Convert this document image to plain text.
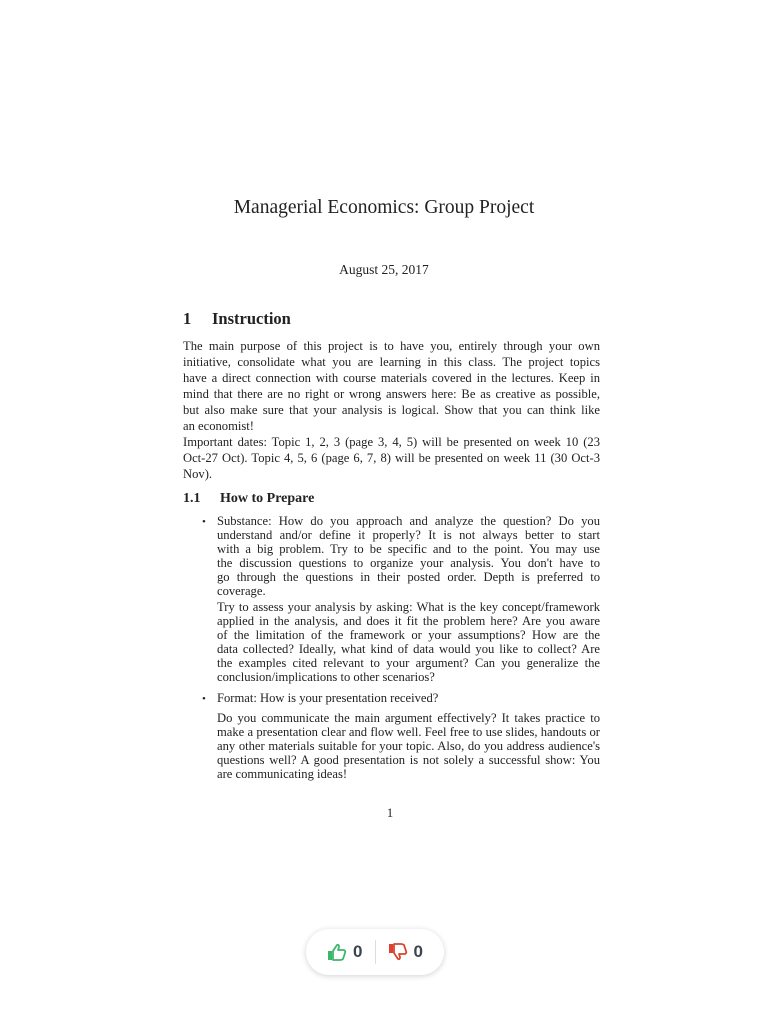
Managerial Economics: Group Project
August 25, 2017
1 Instruction
The main purpose of this project is to have you, entirely through your own
initiative, consolidate what you are learning in this class. The project topics
have a direct connection with course materials covered in the lectures. Keep in
mind that there are no right or wrong answers here: Be as creative as possible,
but also make sure that your analysis is logical. Show that you can think like
an economist!
Important dates: Topic 1, 2, 3 (page 3, 4, 5) will be presented on week 10 (23
Oct-27 Oct). Topic 4, 5, 6 (page 6, 7, 8) will be presented on week 11 (30 Oct-3
Nov).
1.1 How to Prepare
• Substance: How do you approach and analyze the question? Do you
understand and/or define it properly? It is not always better to start
with a big problem. Try to be specific and to the point. You may use
the discussion questions to organize your analysis. You don't have to
go through the questions in their posted order. Depth is preferred to
coverage.
Try to assess your analysis by asking: What is the key concept/framework
applied in the analysis, and does it fit the problem here? Are you aware
of the limitation of the framework or your assumptions? How are the
data collected? Ideally, what kind of data would you like to collect? Are
the examples cited relevant to your argument? Can you generalize the
conclusion/implications to other scenarios?
• Format: How is your presentation received?
Do you communicate the main argument effectively? It takes practice to
make a presentation clear and flow well. Feel free to use slides, handouts or
any other materials suitable for your topic. Also, do you address audience's
questions well? A good presentation is not solely a successful show: You
are communicating ideas!
1
0	0
